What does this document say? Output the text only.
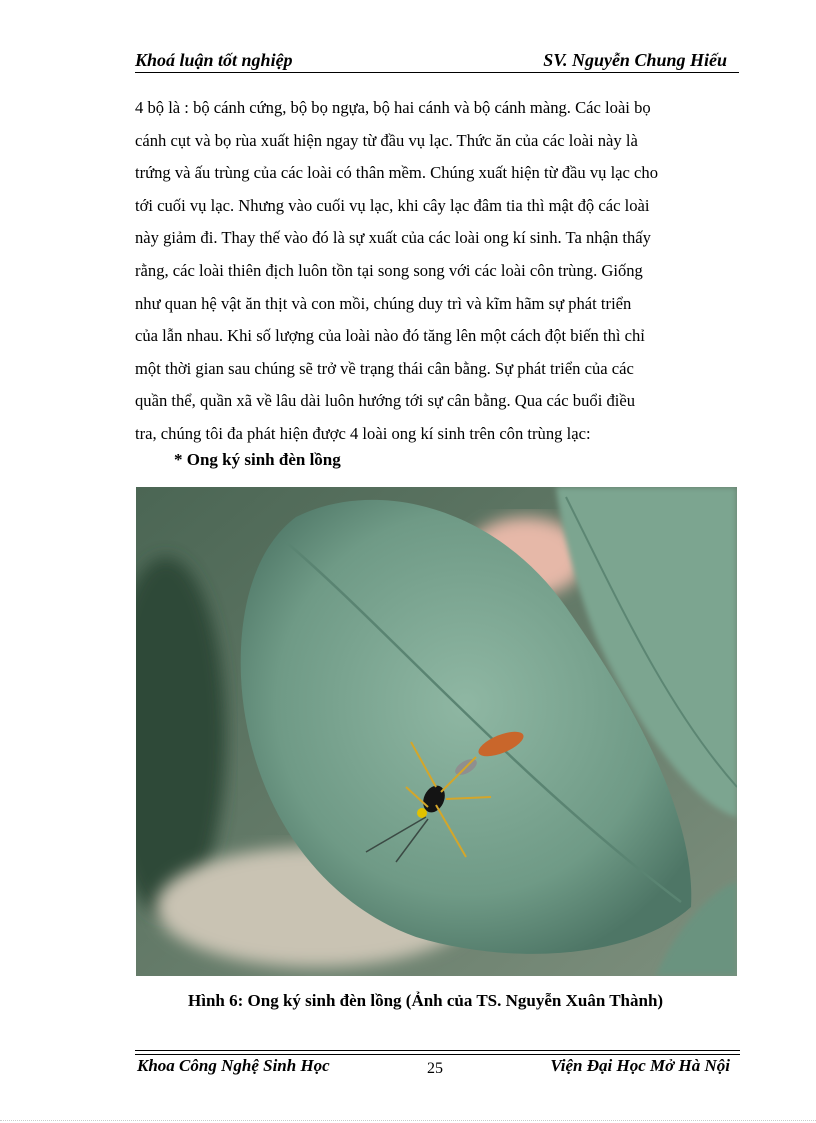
Khoá luận tốt nghiệp	SV. Nguyễn Chung Hiếu
4 bộ là : bộ cánh cứng, bộ bọ ngựa, bộ hai cánh và bộ cánh màng. Các loài bọ
cánh cụt và bọ rùa xuất hiện ngay từ đầu vụ lạc. Thức ăn của các loài này là
trứng và ấu trùng của các loài có thân mềm. Chúng xuất hiện từ đầu vụ lạc cho
tới cuối vụ lạc. Nhưng vào cuối vụ lạc, khi cây lạc đâm tia thì mật độ các loài
này giảm đi. Thay thế vào đó là sự xuất của các loài ong kí sinh. Ta nhận thấy
rằng, các loài thiên địch luôn tồn tại song song với các loài côn trùng. Giống
như quan hệ vật ăn thịt và con mồi, chúng duy trì và kĩm hãm sự phát triển
của lẫn nhau. Khi số lượng của loài nào đó tăng lên một cách đột biến thì chỉ
một thời gian sau chúng sẽ trở về trạng thái cân bằng. Sự phát triển của các
quần thể, quần xã về lâu dài luôn hướng tới sự cân bằng. Qua các buổi điều
tra, chúng tôi đa phát hiện được 4 loài ong kí sinh trên côn trùng lạc:
* Ong ký sinh đèn lồng
Hình 6: Ong ký sinh đèn lồng (Ảnh của TS. Nguyễn Xuân Thành)
Khoa Công Nghệ Sinh Học	25	Viện Đại Học Mở Hà Nội
